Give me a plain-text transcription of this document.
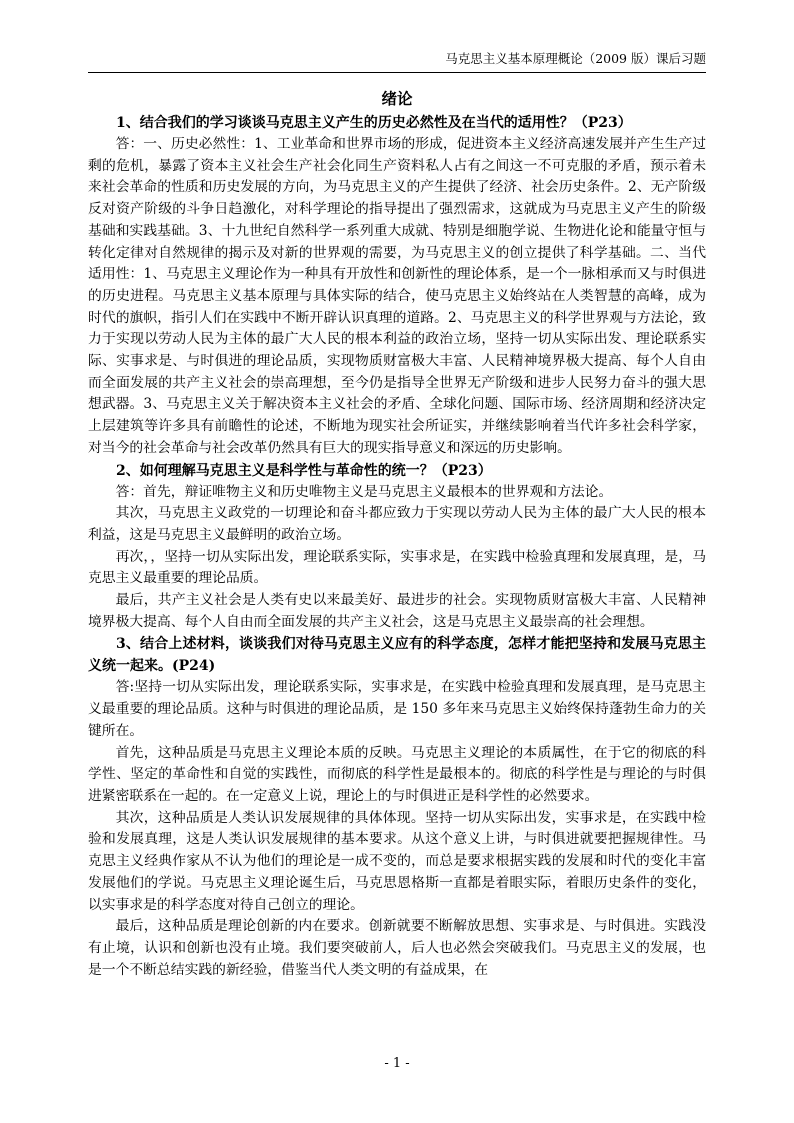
马克思主义基本原理概论（2009 版）课后习题
绪论

1、结合我们的学习谈谈马克思主义产生的历史必然性及在当代的适用性？（P23）

答：一、历史必然性：1、工业革命和世界市场的形成，促进资本主义经济高速发展并产生生产过剩的危机，暴露了资本主义社会生产社会化同生产资料私人占有之间这一不可克服的矛盾，预示着未来社会革命的性质和历史发展的方向，为马克思主义的产生提供了经济、社会历史条件。2、无产阶级反对资产阶级的斗争日趋激化，对科学理论的指导提出了强烈需求，这就成为马克思主义产生的阶级基础和实践基础。3、十九世纪自然科学一系列重大成就、特别是细胞学说、生物进化论和能量守恒与转化定律对自然规律的揭示及对新的世界观的需要，为马克思主义的创立提供了科学基础。二、当代适用性：1、马克思主义理论作为一种具有开放性和创新性的理论体系，是一个一脉相承而又与时俱进的历史进程。马克思主义基本原理与具体实际的结合，使马克思主义始终站在人类智慧的高峰，成为时代的旗帜，指引人们在实践中不断开辟认识真理的道路。2、马克思主义的科学世界观与方法论，致力于实现以劳动人民为主体的最广大人民的根本利益的政治立场，坚持一切从实际出发、理论联系实际、实事求是、与时俱进的理论品质，实现物质财富极大丰富、人民精神境界极大提高、每个人自由而全面发展的共产主义社会的崇高理想，至今仍是指导全世界无产阶级和进步人民努力奋斗的强大思想武器。3、马克思主义关于解决资本主义社会的矛盾、全球化问题、国际市场、经济周期和经济决定上层建筑等许多具有前瞻性的论述，不断地为现实社会所证实，并继续影响着当代许多社会科学家，对当今的社会革命与社会改革仍然具有巨大的现实指导意义和深远的历史影响。

2、如何理解马克思主义是科学性与革命性的统一？（P23）

答：首先，辩证唯物主义和历史唯物主义是马克思主义最根本的世界观和方法论。

其次，马克思主义政党的一切理论和奋斗都应致力于实现以劳动人民为主体的最广大人民的根本利益，这是马克思主义最鲜明的政治立场。

再次，，坚持一切从实际出发，理论联系实际，实事求是，在实践中检验真理和发展真理，是，马克思主义最重要的理论品质。

最后，共产主义社会是人类有史以来最美好、最进步的社会。实现物质财富极大丰富、人民精神境界极大提高、每个人自由而全面发展的共产主义社会，这是马克思主义最崇高的社会理想。

3、结合上述材料，谈谈我们对待马克思主义应有的科学态度，怎样才能把坚持和发展马克思主义统一起来。(P24)

答:坚持一切从实际出发，理论联系实际，实事求是，在实践中检验真理和发展真理，是马克思主义最重要的理论品质。这种与时俱进的理论品质，是 150 多年来马克思主义始终保持蓬勃生命力的关键所在。

首先，这种品质是马克思主义理论本质的反映。马克思主义理论的本质属性，在于它的彻底的科学性、坚定的革命性和自觉的实践性，而彻底的科学性是最根本的。彻底的科学性是与理论的与时俱进紧密联系在一起的。在一定意义上说，理论上的与时俱进正是科学性的必然要求。

其次，这种品质是人类认识发展规律的具体体现。坚持一切从实际出发，实事求是，在实践中检验和发展真理，这是人类认识发展规律的基本要求。从这个意义上讲，与时俱进就要把握规律性。马克思主义经典作家从不认为他们的理论是一成不变的，而总是要求根据实践的发展和时代的变化丰富发展他们的学说。马克思主义理论诞生后，马克思恩格斯一直都是着眼实际，着眼历史条件的变化，以实事求是的科学态度对待自己创立的理论。

最后，这种品质是理论创新的内在要求。创新就要不断解放思想、实事求是、与时俱进。实践没有止境，认识和创新也没有止境。我们要突破前人，后人也必然会突破我们。马克思主义的发展，也是一个不断总结实践的新经验，借鉴当代人类文明的有益成果，在

- 1 -
